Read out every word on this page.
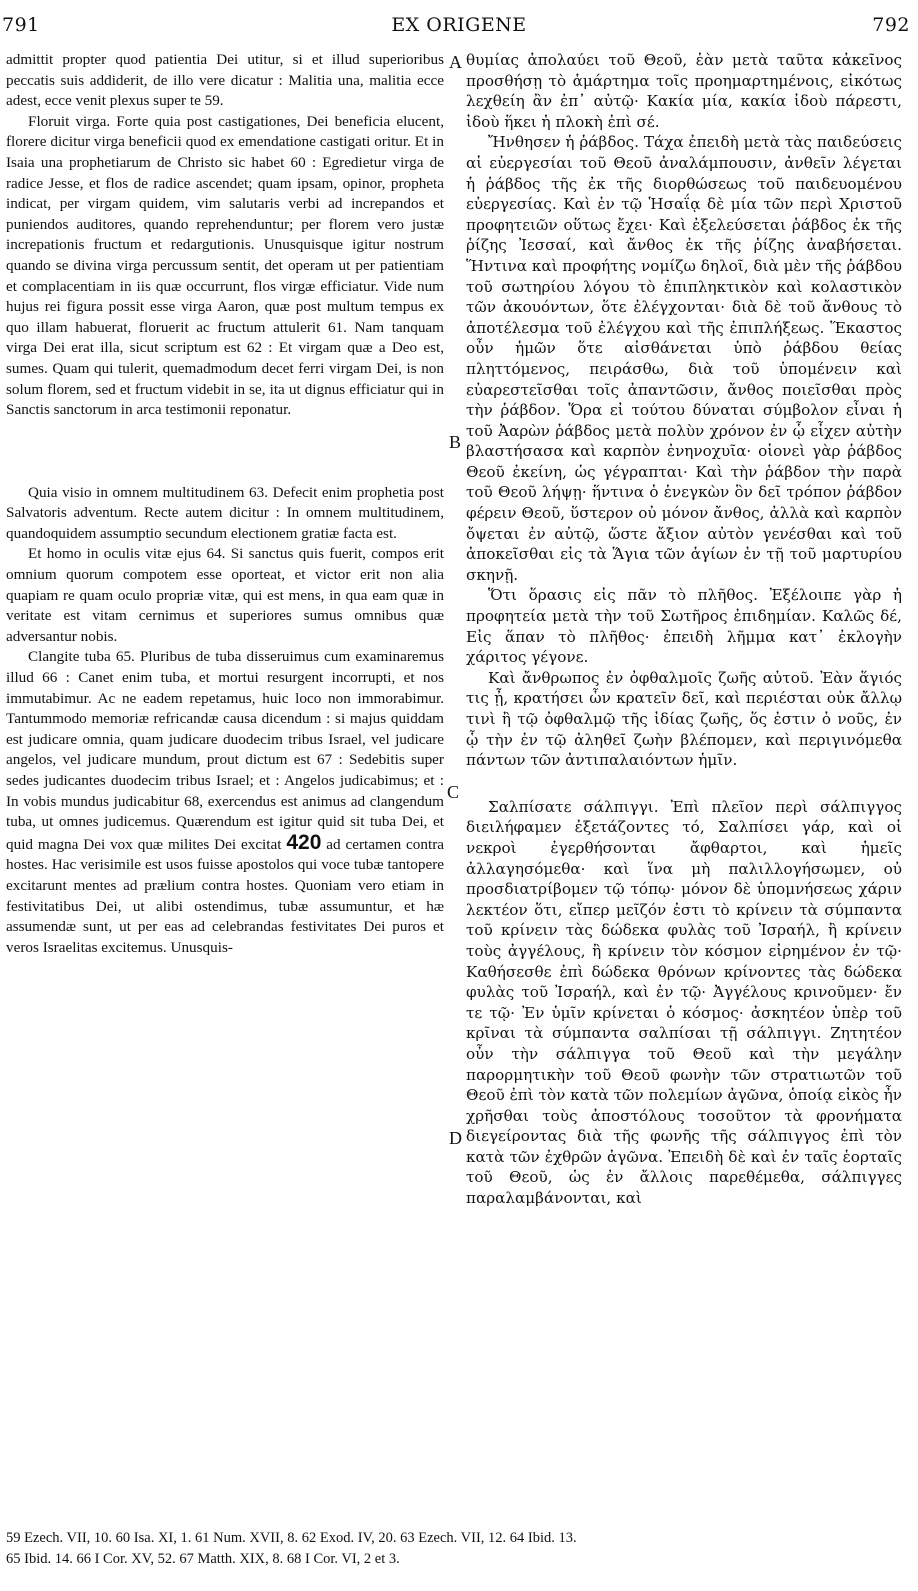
791	EX ORIGENE	792
A
B
C
D

admittit propter quod patientia Dei utitur, si et illud superioribus peccatis suis addiderit, de illo vere dicatur : Malitia una, malitia ecce adest, ecce venit plexus super te 59.

Floruit virga. Forte quia post castigationes, Dei beneficia elucent, florere dicitur virga beneficii quod ex emendatione castigati oritur. Et in Isaia una prophetiarum de Christo sic habet 60 : Egredietur virga de radice Jesse, et flos de radice ascendet; quam ipsam, opinor, propheta indicat, per virgam quidem, vim salutaris verbi ad increpandos et puniendos auditores, quando reprehenduntur; per florem vero justæ increpationis fructum et redargutionis. Unusquisque igitur nostrum quando se divina virga percussum sentit, det operam ut per patientiam et complacentiam in iis quæ occurrunt, flos virgæ efficiatur. Vide num hujus rei figura possit esse virga Aaron, quæ post multum tempus ex quo illam habuerat, floruerit ac fructum attulerit 61. Nam tanquam virga Dei erat illa, sicut scriptum est 62 : Et virgam quæ a Deo est, sumes. Quam qui tulerit, quemadmodum decet ferri virgam Dei, is non solum florem, sed et fructum videbit in se, ita ut dignus efficiatur qui in Sanctis sanctorum in arca testimonii reponatur.

Quia visio in omnem multitudinem 63. Defecit enim prophetia post Salvatoris adventum. Recte autem dicitur : In omnem multitudinem, quandoquidem assumptio secundum electionem gratiæ facta est.

Et homo in oculis vitæ ejus 64. Si sanctus quis fuerit, compos erit omnium quorum compotem esse oporteat, et victor erit non alia quapiam re quam oculo propriæ vitæ, qui est mens, in qua eam quæ in veritate est vitam cernimus et superiores sumus omnibus quæ adversantur nobis.

Clangite tuba 65. Pluribus de tuba disseruimus cum examinaremus illud 66 : Canet enim tuba, et mortui resurgent incorrupti, et nos immutabimur. Ac ne eadem repetamus, huic loco non immorabimur. Tantummodo memoriæ refricandæ causa dicendum : si majus quiddam est judicare omnia, quam judicare duodecim tribus Israel, vel judicare angelos, vel judicare mundum, prout dictum est 67 : Sedebitis super sedes judicantes duodecim tribus Israel; et : Angelos judicabimus; et : In vobis mundus judicabitur 68, exercendus est animus ad clangendum tuba, ut omnes judicemus. Quærendum est igitur quid sit tuba Dei, et quid magna Dei vox quæ milites Dei excitat 420 ad certamen contra hostes. Hac verisimile est usos fuisse apostolos qui voce tubæ tantopere excitarunt mentes ad prælium contra hostes. Quoniam vero etiam in festivitatibus Dei, ut alibi ostendimus, tubæ assumuntur, et hæ assumendæ sunt, ut per eas ad celebrandas festivitates Dei puros et veros Israelitas excitemus. Unusquis-

θυμίας ἀπολαύει τοῦ Θεοῦ, ἐὰν μετὰ ταῦτα κἀκεῖνος προσθήσῃ τὸ ἁμάρτημα τοῖς προημαρτημένοις, εἰκότως λεχθείη ἂν ἐπ᾽ αὐτῷ· Κακία μία, κακία ἰδοὺ πάρεστι, ἰδοὺ ἥκει ἡ πλοκὴ ἐπὶ σέ.

Ἤνθησεν ἡ ῥάβδος. Τάχα ἐπειδὴ μετὰ τὰς παιδεύσεις αἱ εὐεργεσίαι τοῦ Θεοῦ ἀναλάμπουσιν, ἀνθεῖν λέγεται ἡ ῥάβδος τῆς ἐκ τῆς διορθώσεως τοῦ παιδευομένου εὐεργεσίας. Καὶ ἐν τῷ Ἡσαΐᾳ δὲ μία τῶν περὶ Χριστοῦ προφητειῶν οὕτως ἔχει· Καὶ ἐξελεύσεται ῥάβδος ἐκ τῆς ῥίζης Ἰεσσαί, καὶ ἄνθος ἐκ τῆς ῥίζης ἀναβήσεται. Ἥντινα καὶ προφήτης νομίζω δηλοῖ, διὰ μὲν τῆς ῥάβδου τοῦ σωτηρίου λόγου τὸ ἐπιπληκτικὸν καὶ κολαστικὸν τῶν ἀκουόντων, ὅτε ἐλέγχονται· διὰ δὲ τοῦ ἄνθους τὸ ἀποτέλεσμα τοῦ ἐλέγχου καὶ τῆς ἐπιπλήξεως. Ἕκαστος οὖν ἡμῶν ὅτε αἰσθάνεται ὑπὸ ῥάβδου θείας πληττόμενος, πειράσθω, διὰ τοῦ ὑπομένειν καὶ εὐαρεστεῖσθαι τοῖς ἀπαντῶσιν, ἄνθος ποιεῖσθαι πρὸς τὴν ῥάβδον. Ὅρα εἰ τούτου δύναται σύμβολον εἶναι ἡ τοῦ Ἀαρὼν ῥάβδος μετὰ πολὺν χρόνον ἐν ᾧ εἶχεν αὐτὴν βλαστήσασα καὶ καρπὸν ἐνηνοχυῖα· οἱονεὶ γὰρ ῥάβδος Θεοῦ ἐκείνη, ὡς γέγραπται· Καὶ τὴν ῥάβδον τὴν παρὰ τοῦ Θεοῦ λήψῃ· ἥντινα ὁ ἐνεγκὼν ὃν δεῖ τρόπον ῥάβδον φέρειν Θεοῦ, ὕστερον οὐ μόνον ἄνθος, ἀλλὰ καὶ καρπὸν ὄψεται ἐν αὐτῷ, ὥστε ἄξιον αὐτὸν γενέσθαι καὶ τοῦ ἀποκεῖσθαι εἰς τὰ Ἅγια τῶν ἁγίων ἐν τῇ τοῦ μαρτυρίου σκηνῇ.

Ὅτι ὅρασις εἰς πᾶν τὸ πλῆθος. Ἐξέλοιπε γὰρ ἡ προφητεία μετὰ τὴν τοῦ Σωτῆρος ἐπιδημίαν. Καλῶς δέ, Εἰς ἅπαν τὸ πλῆθος· ἐπειδὴ λῆμμα κατ᾽ ἐκλογὴν χάριτος γέγονε.

Καὶ ἄνθρωπος ἐν ὀφθαλμοῖς ζωῆς αὐτοῦ. Ἐὰν ἅγιός τις ᾖ, κρατήσει ὧν κρατεῖν δεῖ, καὶ περιέσται οὐκ ἄλλῳ τινὶ ἢ τῷ ὀφθαλμῷ τῆς ἰδίας ζωῆς, ὅς ἐστιν ὁ νοῦς, ἐν ᾧ τὴν ἐν τῷ ἀληθεῖ ζωὴν βλέπομεν, καὶ περιγινόμεθα πάντων τῶν ἀντιπαλαιόντων ἡμῖν.

Σαλπίσατε σάλπιγγι. Ἐπὶ πλεῖον περὶ σάλπιγγος διειλήφαμεν ἐξετάζοντες τό, Σαλπίσει γάρ, καὶ οἱ νεκροὶ ἐγερθήσονται ἄφθαρτοι, καὶ ἡμεῖς ἀλλαγησόμεθα· καὶ ἵνα μὴ παλιλλογήσωμεν, οὐ προσδιατρίβομεν τῷ τόπῳ· μόνον δὲ ὑπομνήσεως χάριν λεκτέον ὅτι, εἴπερ μεῖζόν ἐστι τὸ κρίνειν τὰ σύμπαντα τοῦ κρίνειν τὰς δώδεκα φυλὰς τοῦ Ἰσραήλ, ἢ κρίνειν τοὺς ἀγγέλους, ἢ κρίνειν τὸν κόσμον εἰρημένον ἐν τῷ· Καθήσεσθε ἐπὶ δώδεκα θρόνων κρίνοντες τὰς δώδεκα φυλὰς τοῦ Ἰσραήλ, καὶ ἐν τῷ· Ἀγγέλους κρινοῦμεν· ἔν τε τῷ· Ἐν ὑμῖν κρίνεται ὁ κόσμος· ἀσκητέον ὑπὲρ τοῦ κρῖναι τὰ σύμπαντα σαλπίσαι τῇ σάλπιγγι. Ζητητέον οὖν τὴν σάλπιγγα τοῦ Θεοῦ καὶ τὴν μεγάλην παρορμητικὴν τοῦ Θεοῦ φωνὴν τῶν στρατιωτῶν τοῦ Θεοῦ ἐπὶ τὸν κατὰ τῶν πολεμίων ἀγῶνα, ὁποίᾳ εἰκὸς ἦν χρῆσθαι τοὺς ἀποστόλους τοσοῦτον τὰ φρονήματα διεγείροντας διὰ τῆς φωνῆς τῆς σάλπιγγος ἐπὶ τὸν κατὰ τῶν ἐχθρῶν ἀγῶνα. Ἐπειδὴ δὲ καὶ ἐν ταῖς ἑορταῖς τοῦ Θεοῦ, ὡς ἐν ἄλλοις παρεθέμεθα, σάλπιγγες παραλαμβάνονται, καὶ

59 Ezech. VII, 10. 60 Isa. XI, 1. 61 Num. XVII, 8. 62 Exod. IV, 20. 63 Ezech. VII, 12. 64 Ibid. 13.
65 Ibid. 14. 66 I Cor. XV, 52. 67 Matth. XIX, 8. 68 I Cor. VI, 2 et 3.
